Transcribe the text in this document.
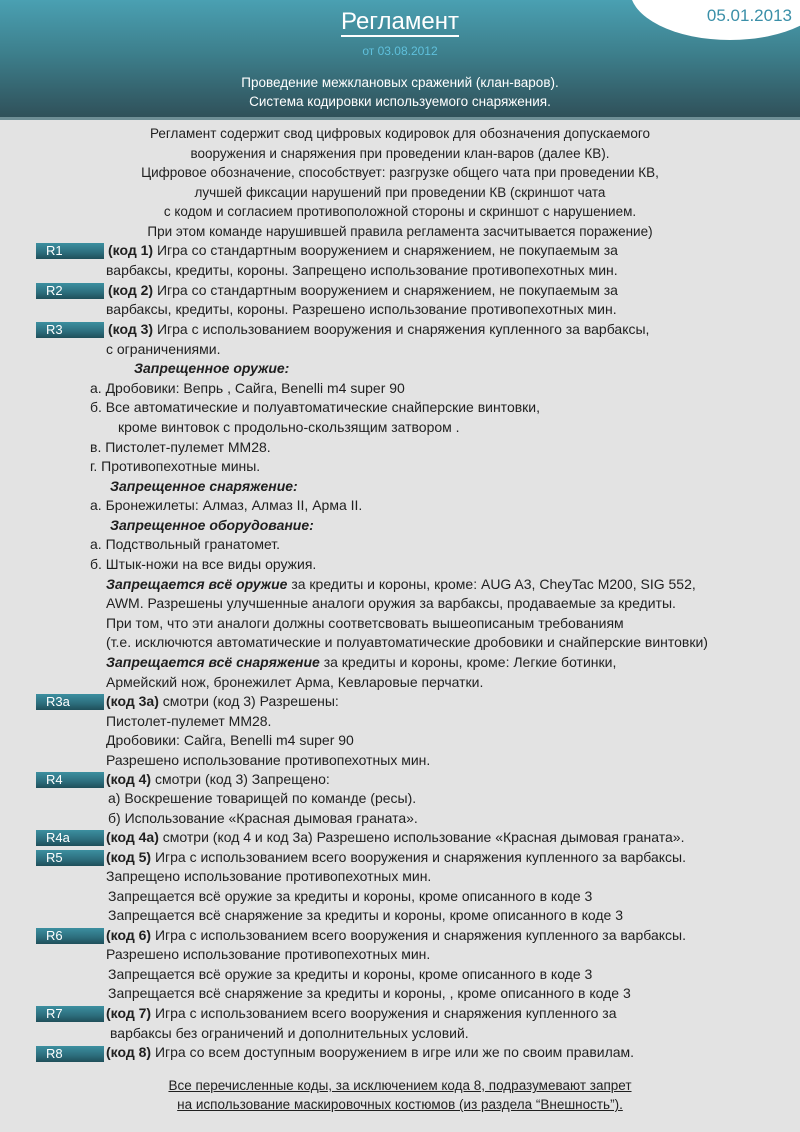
05.01.2013
Регламент
от 03.08.2012
Проведение межклановых сражений (клан-варов).
Система кодировки используемого снаряжения.
Регламент содержит свод цифровых кодировок для обозначения допускаемого
вооружения и снаряжения при проведении клан-варов (далее КВ).
Цифровое обозначение, способствует: разгрузке общего чата при проведении КВ,
лучшей фиксации нарушений при проведении КВ (скриншот чата
с кодом и согласием противоположной стороны и скриншот с нарушением.
При этом команде нарушившей правила регламента засчитывается поражение)
R1
R2
R3
R3a
R4
R4a
R5
R6
R7
R8
(код 1) Игра со стандартным вооружением и снаряжением, не покупаемым за
варбаксы, кредиты, короны. Запрещено использование противопехотных мин.
(код 2) Игра со стандартным вооружением и снаряжением, не покупаемым за
варбаксы, кредиты, короны. Разрешено использование противопехотных мин.
(код 3) Игра с использованием вооружения и снаряжения купленного за варбаксы,
с ограничениями.
Запрещенное оружие:
а. Дробовики: Вепрь , Сайга, Benelli m4 super 90
б. Все автоматические и полуавтоматические снайперские винтовки,
кроме винтовок с продольно-скользящим затвором .
в. Пистолет-пулемет MM28.
г. Противопехотные мины.
Запрещенное снаряжение:
а. Бронежилеты: Алмаз, Алмаз II, Арма II.
Запрещенное оборудование:
а. Подствольный гранатомет.
б. Штык-ножи на все виды оружия.
Запрещается всё оружие за кредиты и короны, кроме: AUG A3, CheyTac M200, SIG 552,
AWM. Разрешены улучшенные аналоги оружия за варбаксы, продаваемые за кредиты.
При том, что эти аналоги должны соответсвовать вышеописаным требованиям
(т.е. исключются автоматические и полуавтоматические дробовики и снайперские винтовки)
Запрещается всё снаряжение за кредиты и короны, кроме: Легкие ботинки,
Армейский нож, бронежилет Арма, Кевларовые перчатки.
(код 3а) смотри (код 3) Разрешены:
Пистолет-пулемет MM28.
Дробовики: Сайга, Benelli m4 super 90
Разрешено использование противопехотных мин.
(код 4) смотри (код 3) Запрещено:
а) Воскрешение товарищей по команде (ресы).
б) Использование «Красная дымовая граната».
(код 4а) смотри (код 4 и код 3а) Разрешено использование «Красная дымовая граната».
(код 5) Игра с использованием всего вооружения и снаряжения купленного за варбаксы.
Запрещено использование противопехотных мин.
Запрещается всё оружие за кредиты и короны, кроме описанного в коде 3
Запрещается всё снаряжение за кредиты и короны, кроме описанного в коде 3
(код 6) Игра с использованием всего вооружения и снаряжения купленного за варбаксы.
Разрешено использование противопехотных мин.
Запрещается всё оружие за кредиты и короны, кроме описанного в коде 3
Запрещается всё снаряжение за кредиты и короны, , кроме описанного в коде 3
(код 7) Игра с использованием всего вооружения и снаряжения купленного за
варбаксы без ограничений и дополнительных условий.
(код 8) Игра со всем доступным вооружением в игре или же по своим правилам.
Все перечисленные коды, за исключением кода 8, подразумевают запрет
на использование маскировочных костюмов (из раздела “Внешность”).
